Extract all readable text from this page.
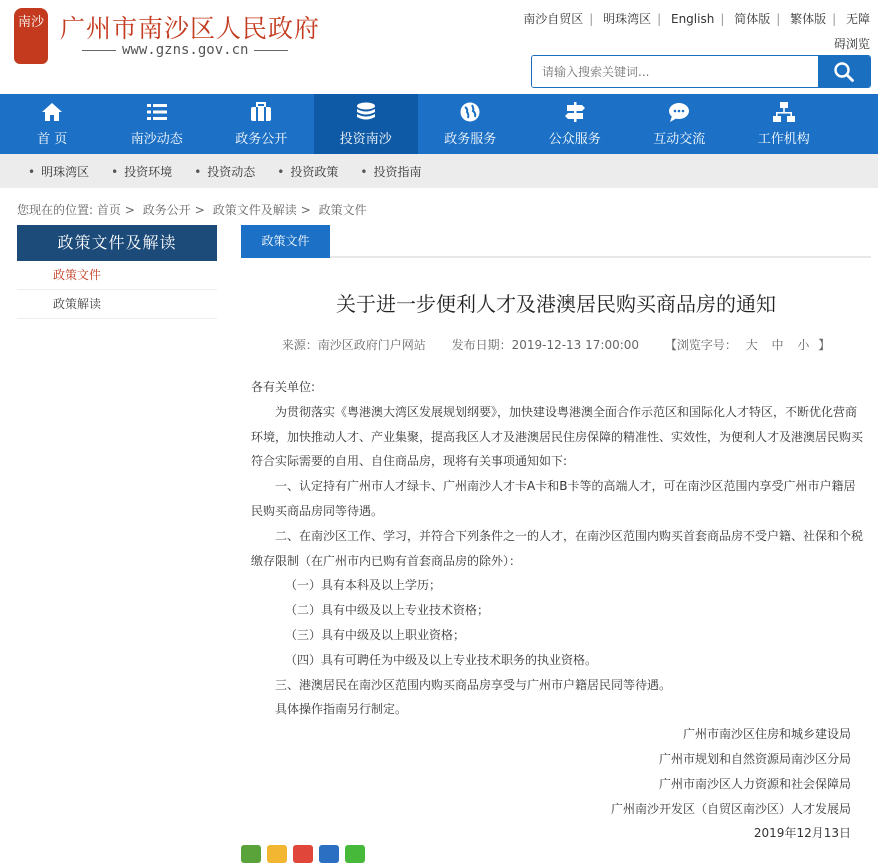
南沙 广州市南沙区人民政府
www.gzns.gov.cn
南沙自贸区 | 明珠湾区 | English | 简体版 | 繁体版 | 无障
碍浏览
请输入搜索关键词...
首 页	南沙动态	政务公开	投资南沙	政务服务	公众服务	互动交流	工作机构
• 明珠湾区	• 投资环境	• 投资动态	• 投资政策	• 投资指南
您现在的位置: 首页 > 政务公开 > 政策文件及解读 > 政策文件
政策文件及解读
政策文件
政策解读
政策文件
关于进一步便利人才及港澳居民购买商品房的通知
来源：南沙区政府门户网站 发布日期：2019-12-13 17:00:00 【浏览字号： 大 中 小 】

各有关单位:

为贯彻落实《粤港澳大湾区发展规划纲要》，加快建设粤港澳全面合作示范区和国际化人才特区，不断优化营商环境，加快推动人才、产业集聚，提高我区人才及港澳居民住房保障的精准性、实效性，为便利人才及港澳居民购买符合实际需要的自用、自住商品房，现将有关事项通知如下:

一、认定持有广州市人才绿卡、广州南沙人才卡A卡和B卡等的高端人才，可在南沙区范围内享受广州市户籍居民购买商品房同等待遇。

二、在南沙区工作、学习，并符合下列条件之一的人才，在南沙区范围内购买首套商品房不受户籍、社保和个税缴存限制（在广州市内已购有首套商品房的除外）：

（一）具有本科及以上学历；

（二）具有中级及以上专业技术资格；

（三）具有中级及以上职业资格；

（四）具有可聘任为中级及以上专业技术职务的执业资格。

三、港澳居民在南沙区范围内购买商品房享受与广州市户籍居民同等待遇。

具体操作指南另行制定。

广州市南沙区住房和城乡建设局

广州市规划和自然资源局南沙区分局

广州市南沙区人力资源和社会保障局

广州南沙开发区（自贸区南沙区）人才发展局

2019年12月13日
